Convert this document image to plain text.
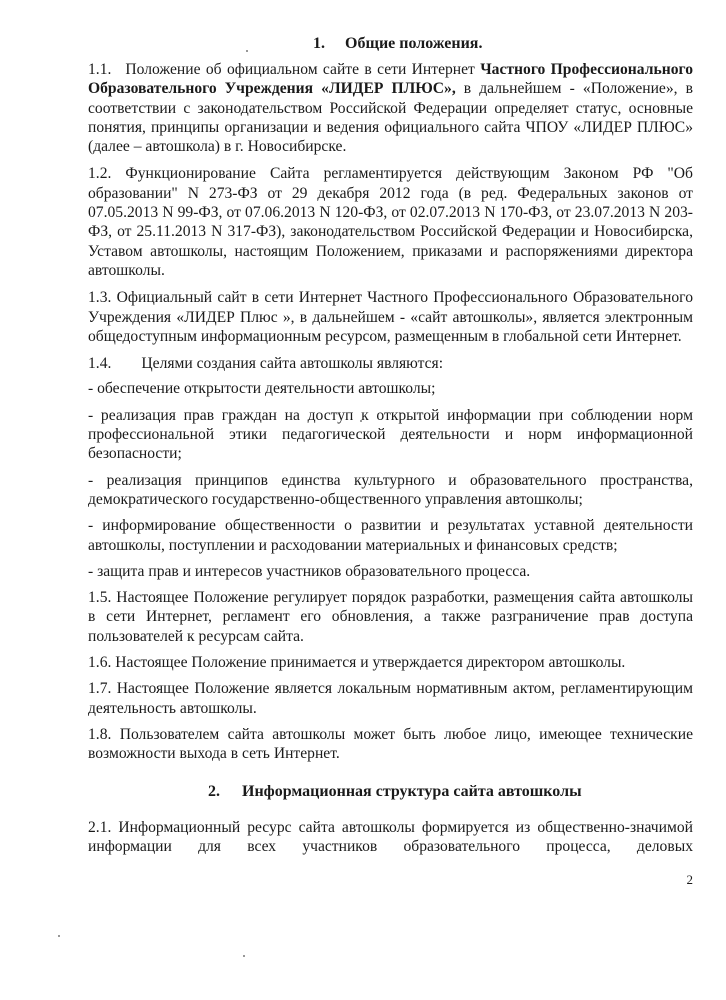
1. Общие положения.
1.1. Положение об официальном сайте в сети Интернет Частного Профессионального Образовательного Учреждения «ЛИДЕР ПЛЮС», в дальнейшем - «Положение», в соответствии с законодательством Российской Федерации определяет статус, основные понятия, принципы организации и ведения официального сайта ЧПОУ «ЛИДЕР ПЛЮС» (далее – автошкола) в г. Новосибирске.
1.2. Функционирование Сайта регламентируется действующим Законом РФ "Об образовании" N 273-ФЗ от 29 декабря 2012 года (в ред. Федеральных законов от 07.05.2013 N 99-ФЗ, от 07.06.2013 N 120-ФЗ, от 02.07.2013 N 170-ФЗ, от 23.07.2013 N 203-ФЗ, от 25.11.2013 N 317-ФЗ), законодательством Российской Федерации и Новосибирска, Уставом автошколы, настоящим Положением, приказами и распоряжениями директора автошколы.
1.3. Официальный сайт в сети Интернет Частного Профессионального Образовательного Учреждения «ЛИДЕР Плюс », в дальнейшем - «сайт автошколы», является электронным общедоступным информационным ресурсом, размещенным в глобальной сети Интернет.
1.4. Целями создания сайта автошколы являются:
- обеспечение открытости деятельности автошколы;
- реализация прав граждан на доступ к открытой информации при соблюдении норм профессиональной этики педагогической деятельности и норм информационной безопасности;
- реализация принципов единства культурного и образовательного пространства, демократического государственно-общественного управления автошколы;
- информирование общественности о развитии и результатах уставной деятельности автошколы, поступлении и расходовании материальных и финансовых средств;
- защита прав и интересов участников образовательного процесса.
1.5. Настоящее Положение регулирует порядок разработки, размещения сайта автошколы в сети Интернет, регламент его обновления, а также разграничение прав доступа пользователей к ресурсам сайта.
1.6. Настоящее Положение принимается и утверждается директором автошколы.
1.7. Настоящее Положение является локальным нормативным актом, регламентирующим деятельность автошколы.
1.8. Пользователем сайта автошколы может быть любое лицо, имеющее технические возможности выхода в сеть Интернет.
2. Информационная структура сайта автошколы
2.1. Информационный ресурс сайта автошколы формируется из общественно-значимой информации для всех участников образовательного процесса, деловых
2
